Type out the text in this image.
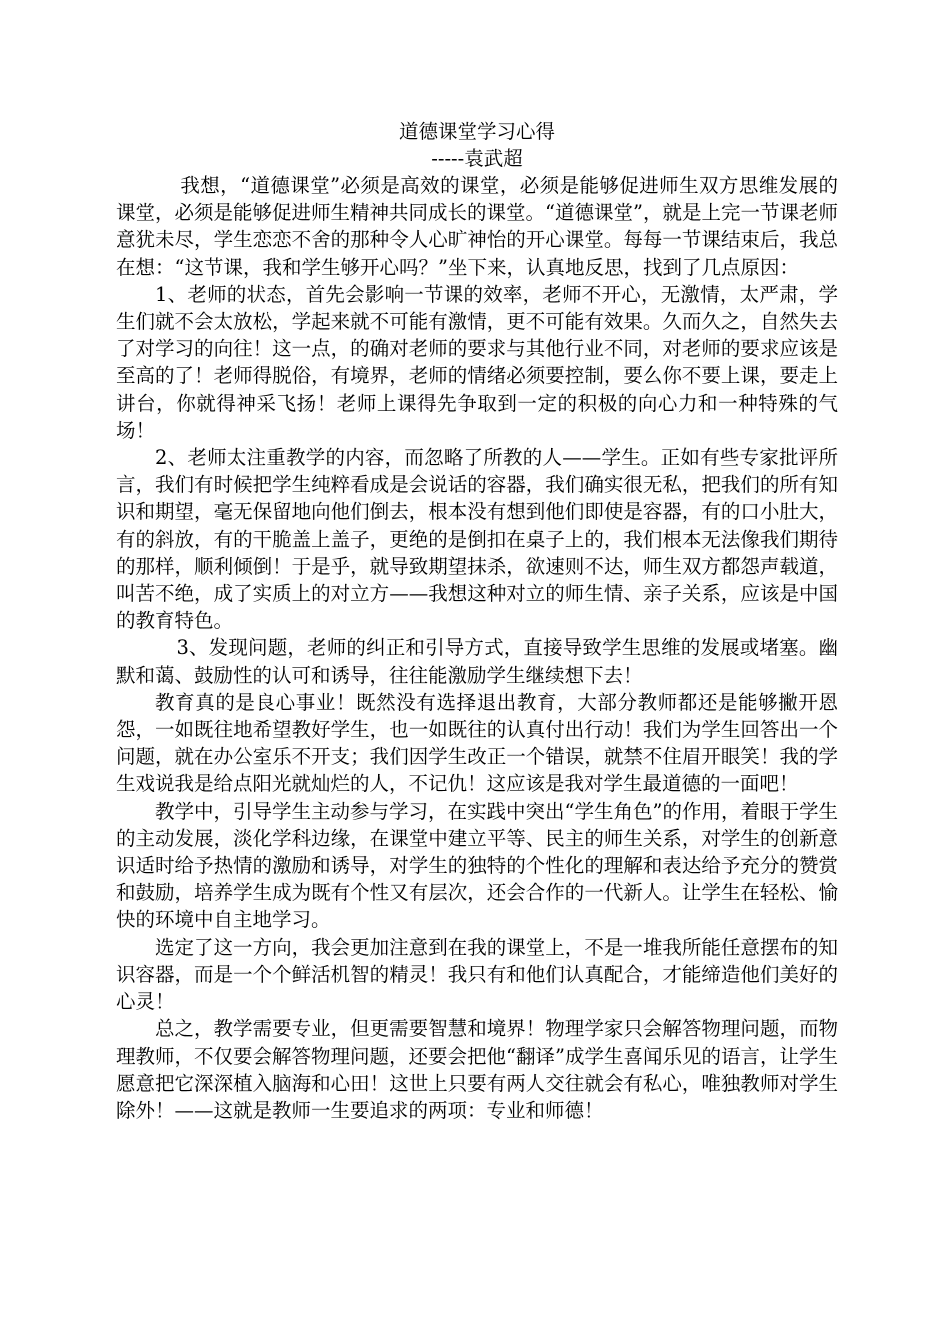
道德课堂学习心得

-----袁武超

我想，“道德课堂”必须是高效的课堂，必须是能够促进师生双方思维发展的课堂，必须是能够促进师生精神共同成长的课堂。“道德课堂”，就是上完一节课老师意犹未尽，学生恋恋不舍的那种令人心旷神怡的开心课堂。每每一节课结束后，我总在想：“这节课，我和学生够开心吗？”坐下来，认真地反思，找到了几点原因：

1、老师的状态，首先会影响一节课的效率，老师不开心，无激情，太严肃，学生们就不会太放松，学起来就不可能有激情，更不可能有效果。久而久之，自然失去了对学习的向往！这一点，的确对老师的要求与其他行业不同，对老师的要求应该是至高的了！老师得脱俗，有境界，老师的情绪必须要控制，要么你不要上课，要走上讲台，你就得神采飞扬！老师上课得先争取到一定的积极的向心力和一种特殊的气场！

2、老师太注重教学的内容，而忽略了所教的人——学生。正如有些专家批评所言，我们有时候把学生纯粹看成是会说话的容器，我们确实很无私，把我们的所有知识和期望，毫无保留地向他们倒去，根本没有想到他们即使是容器，有的口小肚大，有的斜放，有的干脆盖上盖子，更绝的是倒扣在桌子上的，我们根本无法像我们期待的那样，顺利倾倒！于是乎，就导致期望抹杀，欲速则不达，师生双方都怨声载道，叫苦不绝，成了实质上的对立方——我想这种对立的师生情、亲子关系，应该是中国的教育特色。

3、发现问题，老师的纠正和引导方式，直接导致学生思维的发展或堵塞。幽默和蔼、鼓励性的认可和诱导，往往能激励学生继续想下去！

教育真的是良心事业！既然没有选择退出教育，大部分教师都还是能够撇开恩怨，一如既往地希望教好学生，也一如既往的认真付出行动！我们为学生回答出一个问题，就在办公室乐不开支；我们因学生改正一个错误，就禁不住眉开眼笑！我的学生戏说我是给点阳光就灿烂的人，不记仇！这应该是我对学生最道德的一面吧！

教学中，引导学生主动参与学习，在实践中突出“学生角色”的作用，着眼于学生的主动发展，淡化学科边缘，在课堂中建立平等、民主的师生关系，对学生的创新意识适时给予热情的激励和诱导，对学生的独特的个性化的理解和表达给予充分的赞赏和鼓励，培养学生成为既有个性又有层次，还会合作的一代新人。让学生在轻松、愉快的环境中自主地学习。

选定了这一方向，我会更加注意到在我的课堂上，不是一堆我所能任意摆布的知识容器，而是一个个鲜活机智的精灵！我只有和他们认真配合，才能缔造他们美好的心灵！

总之，教学需要专业，但更需要智慧和境界！物理学家只会解答物理问题，而物理教师，不仅要会解答物理问题，还要会把他“翻译”成学生喜闻乐见的语言，让学生愿意把它深深植入脑海和心田！这世上只要有两人交往就会有私心，唯独教师对学生除外！——这就是教师一生要追求的两项：专业和师德！
